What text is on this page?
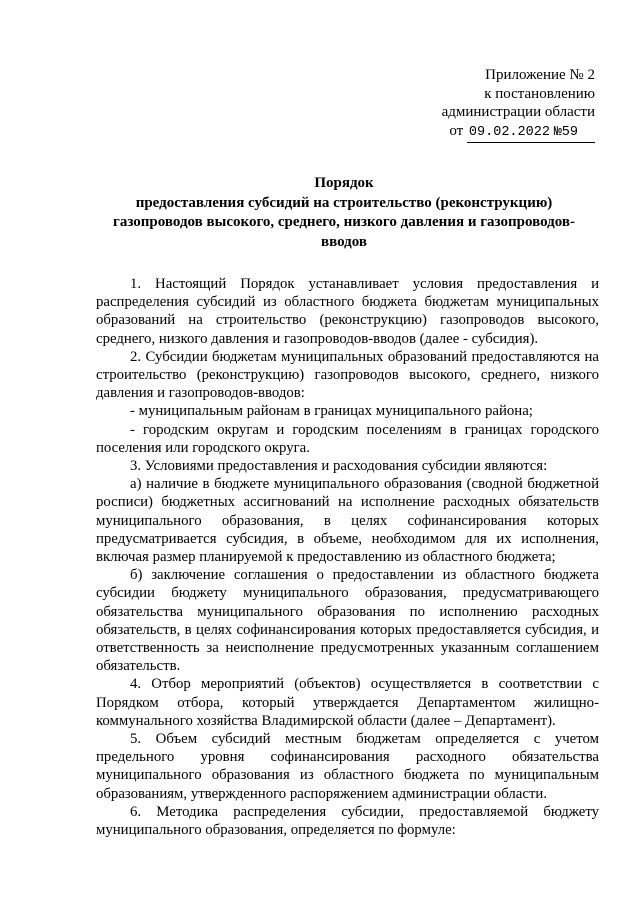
Приложение № 2
к постановлению
администрации области
от 09.02.2022 №59
Порядок
предоставления субсидий на строительство (реконструкцию)
газопроводов высокого, среднего, низкого давления и газопроводов-
вводов

1. Настоящий Порядок устанавливает условия предоставления и распределения субсидий из областного бюджета бюджетам муниципальных образований на строительство (реконструкцию) газопроводов высокого, среднего, низкого давления и газопроводов-вводов (далее - субсидия).

2. Субсидии бюджетам муниципальных образований предоставляются на строительство (реконструкцию) газопроводов высокого, среднего, низкого давления и газопроводов-вводов:

- муниципальным районам в границах муниципального района;

- городским округам и городским поселениям в границах городского поселения или городского округа.

3. Условиями предоставления и расходования субсидии являются:

а) наличие в бюджете муниципального образования (сводной бюджетной росписи) бюджетных ассигнований на исполнение расходных обязательств муниципального образования, в целях софинансирования которых предусматривается субсидия, в объеме, необходимом для их исполнения, включая размер планируемой к предоставлению из областного бюджета;

б) заключение соглашения о предоставлении из областного бюджета субсидии бюджету муниципального образования, предусматривающего обязательства муниципального образования по исполнению расходных обязательств, в целях софинансирования которых предоставляется субсидия, и ответственность за неисполнение предусмотренных указанным соглашением обязательств.

4. Отбор мероприятий (объектов) осуществляется в соответствии с Порядком отбора, который утверждается Департаментом жилищно-коммунального хозяйства Владимирской области (далее – Департамент).

5. Объем субсидий местным бюджетам определяется с учетом предельного уровня софинансирования расходного обязательства муниципального образования из областного бюджета по муниципальным образованиям, утвержденного распоряжением администрации области.

6. Методика распределения субсидии, предоставляемой бюджету муниципального образования, определяется по формуле:
